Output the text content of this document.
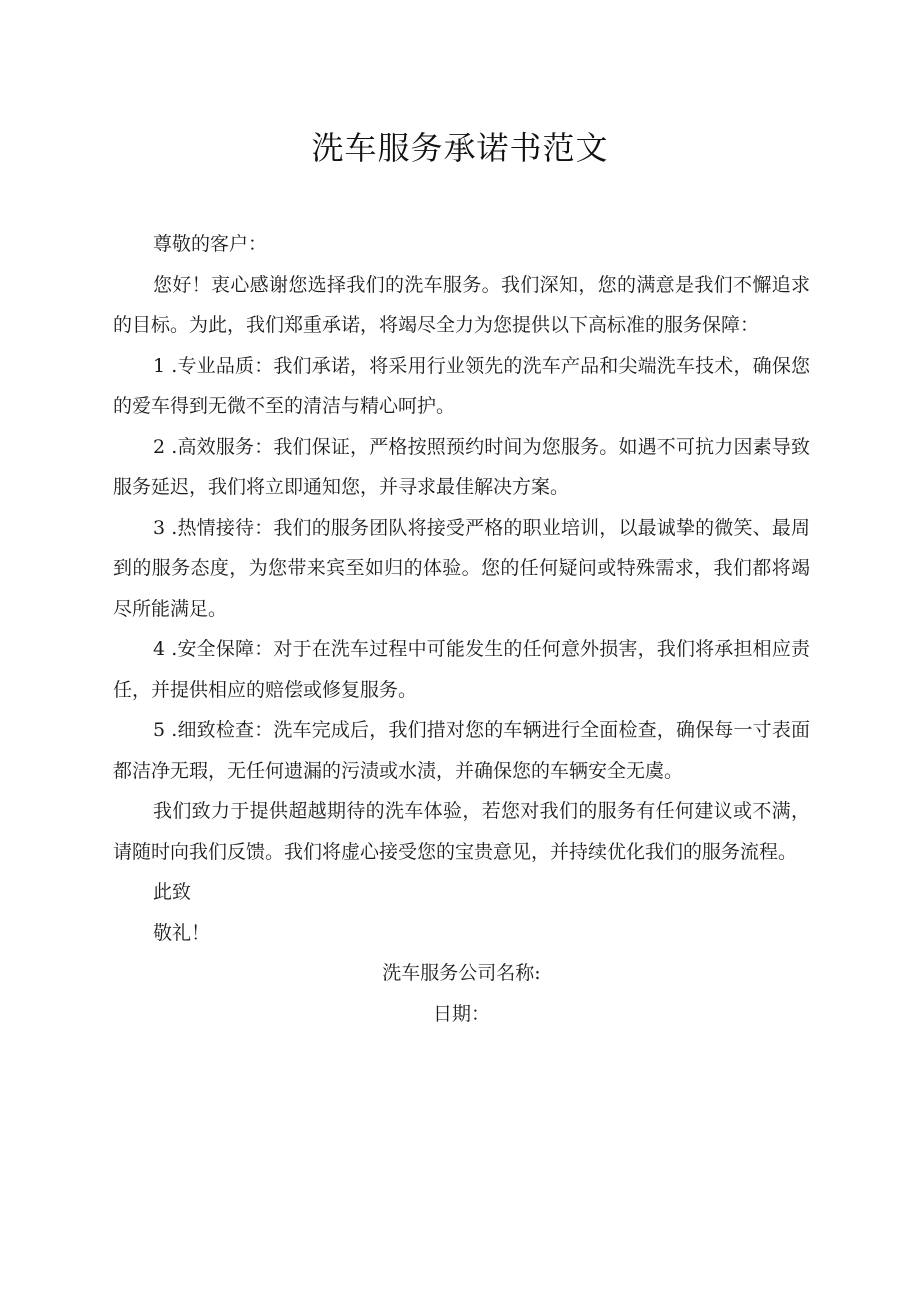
洗车服务承诺书范文

尊敬的客户：

您好！衷心感谢您选择我们的洗车服务。我们深知，您的满意是我们不懈追求的目标。为此，我们郑重承诺，将竭尽全力为您提供以下高标准的服务保障：

1 .专业品质：我们承诺，将采用行业领先的洗车产品和尖端洗车技术，确保您的爱车得到无微不至的清洁与精心呵护。

2 .高效服务：我们保证，严格按照预约时间为您服务。如遇不可抗力因素导致服务延迟，我们将立即通知您，并寻求最佳解决方案。

3 .热情接待：我们的服务团队将接受严格的职业培训，以最诚挚的微笑、最周到的服务态度，为您带来宾至如归的体验。您的任何疑问或特殊需求，我们都将竭尽所能满足。

4 .安全保障：对于在洗车过程中可能发生的任何意外损害，我们将承担相应责任，并提供相应的赔偿或修复服务。

5 .细致检查：洗车完成后，我们措对您的车辆进行全面检查，确保每一寸表面都洁净无瑕，无任何遗漏的污渍或水渍，并确保您的车辆安全无虞。

我们致力于提供超越期待的洗车体验，若您对我们的服务有任何建议或不满，请随时向我们反馈。我们将虚心接受您的宝贵意见，并持续优化我们的服务流程。

此致

敬礼！

洗车服务公司名称:

日期：
